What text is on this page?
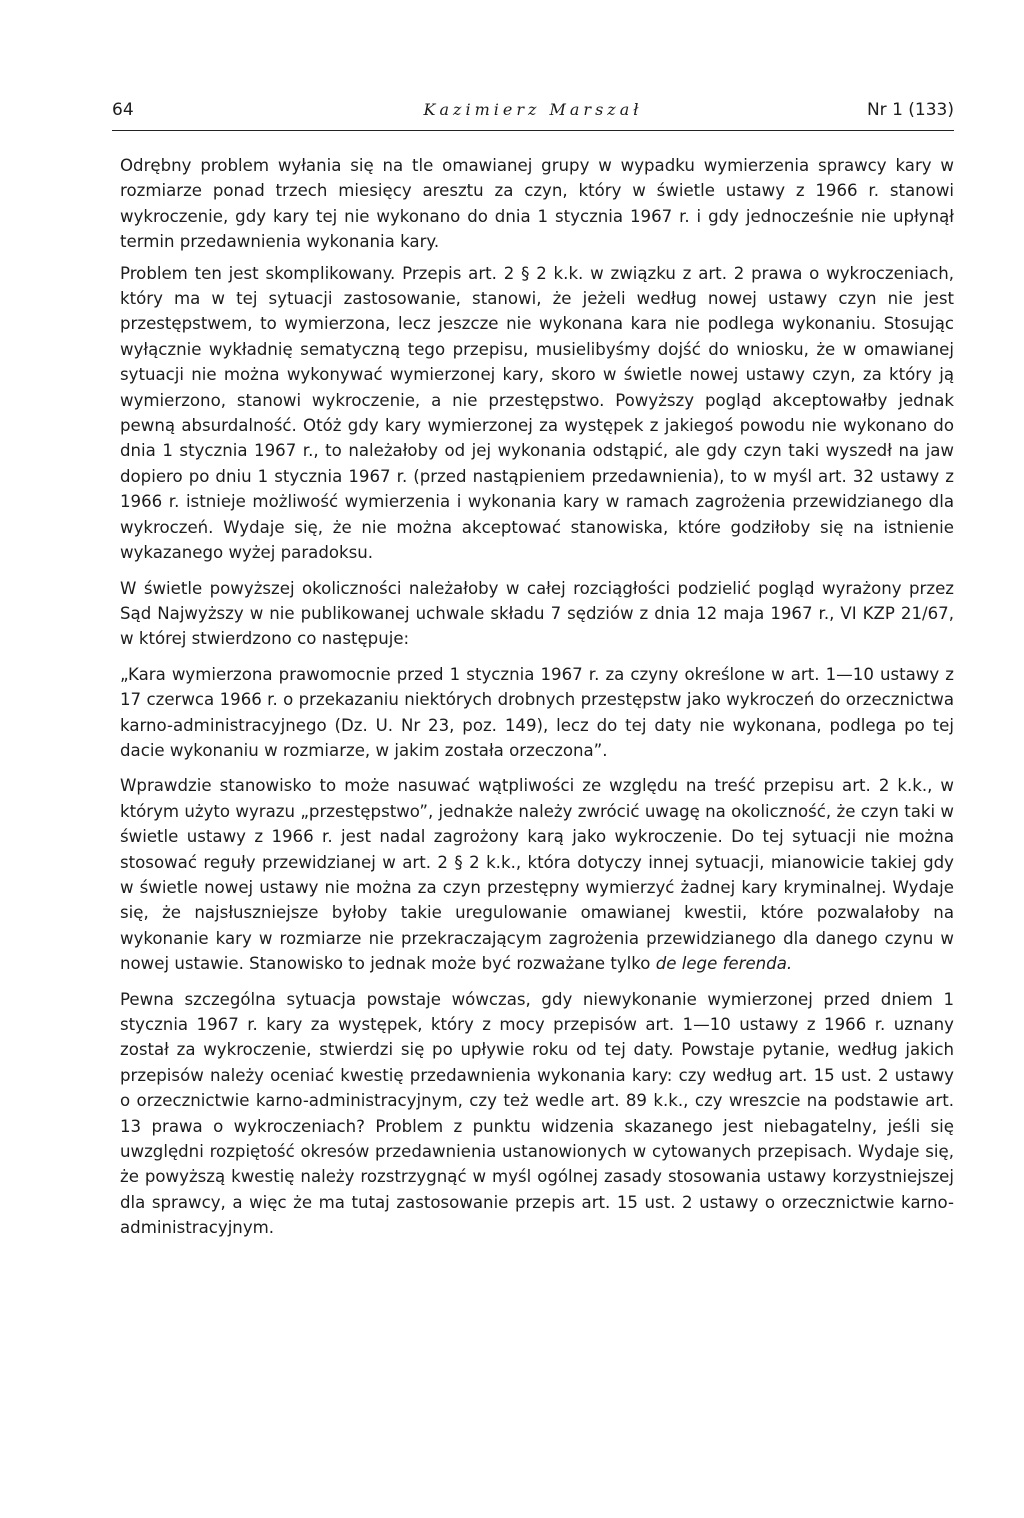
64	Kazimierz Marszał	Nr 1 (133)

Odrębny problem wyłania się na tle omawianej grupy w wypadku wymierzenia sprawcy kary w rozmiarze ponad trzech miesięcy aresztu za czyn, który w świetle ustawy z 1966 r. stanowi wykroczenie, gdy kary tej nie wykonano do dnia 1 stycznia 1967 r. i gdy jednocześnie nie upłynął termin przedawnienia wykonania kary.

Problem ten jest skomplikowany. Przepis art. 2 § 2 k.k. w związku z art. 2 prawa o wykroczeniach, który ma w tej sytuacji zastosowanie, stanowi, że jeżeli według nowej ustawy czyn nie jest przestępstwem, to wymierzona, lecz jeszcze nie wykonana kara nie podlega wykonaniu. Stosując wyłącznie wykładnię sematyczną tego przepisu, musielibyśmy dojść do wniosku, że w omawianej sytuacji nie można wykonywać wymierzonej kary, skoro w świetle nowej ustawy czyn, za który ją wymierzono, stanowi wykroczenie, a nie przestępstwo. Powyższy pogląd akceptowałby jednak pewną absurdalność. Otóż gdy kary wymierzonej za występek z jakiegoś powodu nie wykonano do dnia 1 stycznia 1967 r., to należałoby od jej wykonania odstąpić, ale gdy czyn taki wyszedł na jaw dopiero po dniu 1 stycznia 1967 r. (przed nastąpieniem przedawnienia), to w myśl art. 32 ustawy z 1966 r. istnieje możliwość wymierzenia i wykonania kary w ramach zagrożenia przewidzianego dla wykroczeń. Wydaje się, że nie można akceptować stanowiska, które godziłoby się na istnienie wykazanego wyżej paradoksu.

W świetle powyższej okoliczności należałoby w całej rozciągłości podzielić pogląd wyrażony przez Sąd Najwyższy w nie publikowanej uchwale składu 7 sędziów z dnia 12 maja 1967 r., VI KZP 21/67, w której stwierdzono co następuje:

„Kara wymierzona prawomocnie przed 1 stycznia 1967 r. za czyny określone w art. 1—10 ustawy z 17 czerwca 1966 r. o przekazaniu niektórych drobnych przestępstw jako wykroczeń do orzecznictwa karno-administracyjnego (Dz. U. Nr 23, poz. 149), lecz do tej daty nie wykonana, podlega po tej dacie wykonaniu w rozmiarze, w jakim została orzeczona”.

Wprawdzie stanowisko to może nasuwać wątpliwości ze względu na treść przepisu art. 2 k.k., w którym użyto wyrazu „przestępstwo”, jednakże należy zwrócić uwagę na okoliczność, że czyn taki w świetle ustawy z 1966 r. jest nadal zagrożony karą jako wykroczenie. Do tej sytuacji nie można stosować reguły przewidzianej w art. 2 § 2 k.k., która dotyczy innej sytuacji, mianowicie takiej gdy w świetle nowej ustawy nie można za czyn przestępny wymierzyć żadnej kary kryminalnej. Wydaje się, że najsłuszniejsze byłoby takie uregulowanie omawianej kwestii, które pozwalałoby na wykonanie kary w rozmiarze nie przekraczającym zagrożenia przewidzianego dla danego czynu w nowej ustawie. Stanowisko to jednak może być rozważane tylko de lege ferenda.

Pewna szczególna sytuacja powstaje wówczas, gdy niewykonanie wymierzonej przed dniem 1 stycznia 1967 r. kary za występek, który z mocy przepisów art. 1—10 ustawy z 1966 r. uznany został za wykroczenie, stwierdzi się po upływie roku od tej daty. Powstaje pytanie, według jakich przepisów należy oceniać kwestię przedawnienia wykonania kary: czy według art. 15 ust. 2 ustawy o orzecznictwie karno-administracyjnym, czy też wedle art. 89 k.k., czy wreszcie na podstawie art. 13 prawa o wykroczeniach? Problem z punktu widzenia skazanego jest niebagatelny, jeśli się uwzględni rozpiętość okresów przedawnienia ustanowionych w cytowanych przepisach. Wydaje się, że powyższą kwestię należy rozstrzygnąć w myśl ogólnej zasady stosowania ustawy korzystniejszej dla sprawcy, a więc że ma tutaj zastosowanie przepis art. 15 ust. 2 ustawy o orzecznictwie karno-administracyjnym.
